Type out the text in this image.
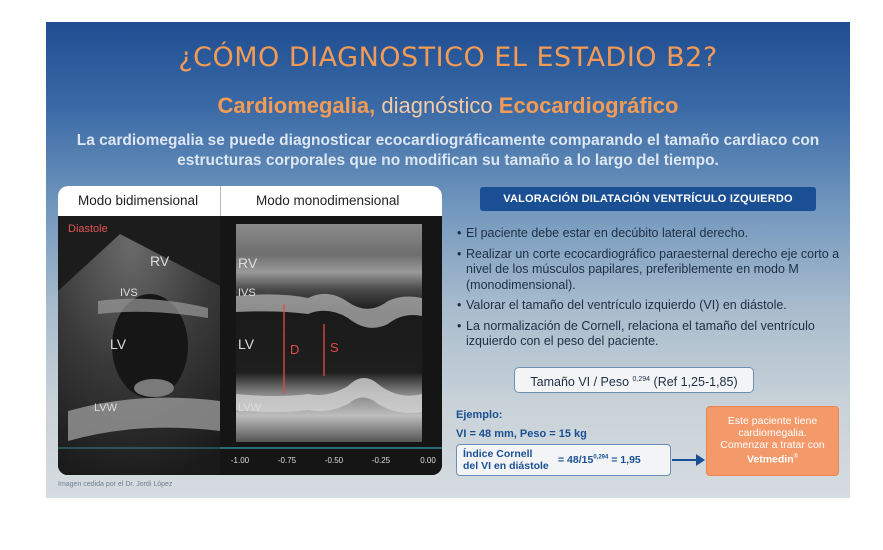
¿CÓMO DIAGNOSTICO EL ESTADIO B2?
Cardiomegalia, diagnóstico Ecocardiográfico
La cardiomegalia se puede diagnosticar ecocardiográficamente comparando el tamaño cardiaco con estructuras corporales que no modifican su tamaño a lo largo del tiempo.
Modo bidimensional	Modo monodimensional
Diastole
RV
IVS
LV
LVW
RV
IVS
LV
LVW
D S
-1.00	-0.75	-0.50	-0.25	0.00
Imagen cedida por el Dr. Jordi López
VALORACIÓN DILATACIÓN VENTRÍCULO IZQUIERDO
• El paciente debe estar en decúbito lateral derecho.
• Realizar un corte ecocardiográfico paraesternal derecho eje corto a nivel de los músculos papilares, preferiblemente en modo M (monodimensional).
• Valorar el tamaño del ventrículo izquierdo (VI) en diástole.
• La normalización de Cornell, relaciona el tamaño del ventrículo izquierdo con el peso del paciente.
Tamaño VI / Peso $^{0,294}$ (Ref 1,25-1,85)
Ejemplo:
VI = 48 mm, Peso = 15 kg
Índice Cornell
del VI en diástole = $48/15^{0,294} = 1,95$
Este paciente tiene
cardiomegalia.
Comenzar a tratar con
Vetmedin®
